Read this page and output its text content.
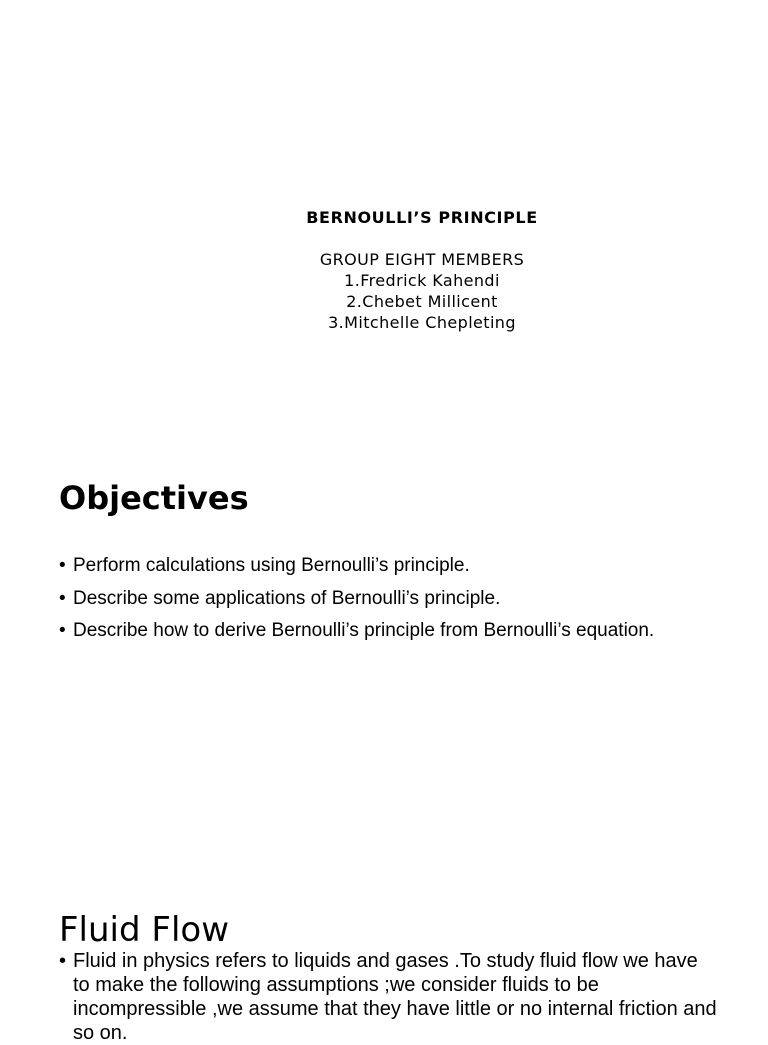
BERNOULLI’S PRINCIPLE

GROUP EIGHT MEMBERS

1.Fredrick Kahendi

2.Chebet Millicent

3.Mitchelle Chepleting

Objectives
• Perform calculations using Bernoulli’s principle.
• Describe some applications of Bernoulli’s principle.
• Describe how to derive Bernoulli’s principle from Bernoulli’s equation.
Fluid Flow

• Fluid in physics refers to liquids and gases .To study fluid flow we have to make the following assumptions ;we consider fluids to be incompressible ,we assume that they have little or no internal friction and so on.
